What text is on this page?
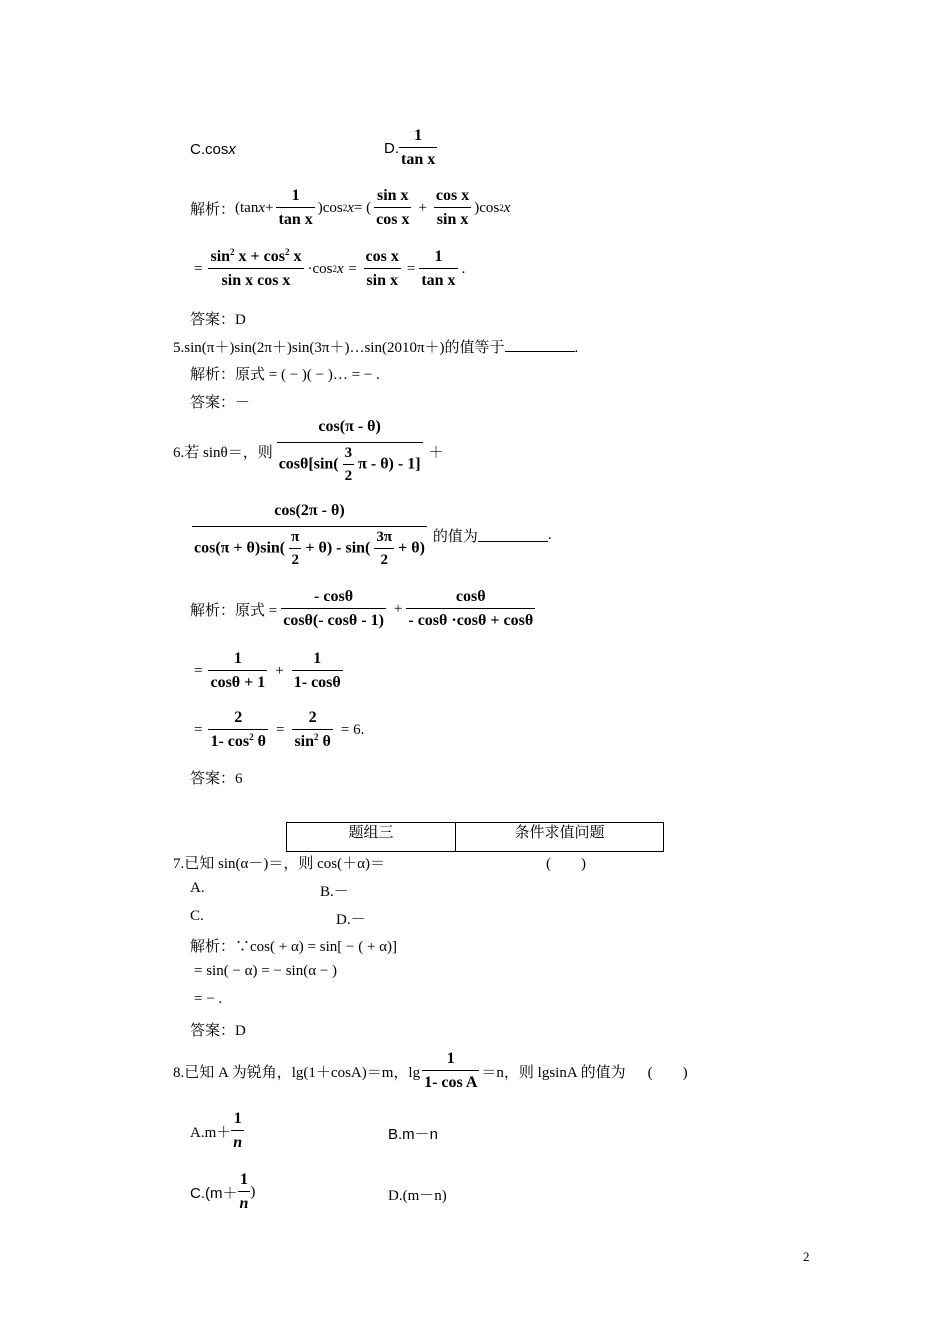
C.cosx	D. $\frac{1}{\text{tan x}}$
解析： (tan $x + \frac{1}{\text{tan x}} )\cos$ 2 x = ( $\frac{\text{sin x}}{\text{cos x}} + \frac{\text{cos x}}{\text{sin x}} )\cos$ 2 x
= $\frac{\sin^2 x + \cos^2 x}{\text{sin x cos x}} \cdot\cos$ 2 $x = \frac{\text{cos x}}{\text{sin x}} = \frac{1}{\text{tan x}}$ .
答案：D
5.sin(π＋)sin(2π＋)sin(3π＋)…sin(2010π＋)的值等于	.
解析：原式 = ( − )( − )… = − .
答案：－
6.若 sinθ＝，则
cos(π - θ)
$\cos\theta[\sin( \frac{3}{2}$ π - θ) - 1]
＋
cos(2π - θ)
$\cos(\pi + \theta)\sin( \frac{\pi}{2} + \theta) - \sin( \frac{3\pi}{2} + \theta)$
的值为	.
解析：原式 = $\frac{- \cos\theta}{\cos\theta(- \cos\theta - 1)} + \frac{\cos\theta}{- \cos\theta \cdot\cos\theta + \cos\theta}$
= $\frac{1}{\cos\theta + 1} + \frac{1}{1- \cos\theta}$
= $\frac{2}{1- \cos^2 \theta} = \frac{2}{\sin^2 \theta} = 6$.
答案：6
题组三	条件求值问题
7.已知 sin(α－)＝，则 cos(＋α)＝	(　　)
A.	B.－
C.	D.－
解析：∵cos( + α) = sin[ − ( + α)]
= sin( − α) = − sin(α − )
= − .
答案：D
8.已知 A 为锐角，lg(1＋cosA)＝m，$\lg \frac{1}{\text{1- cos A}} =n$，则 lgsinA 的值为 (　　)
$A.m+ \frac{1}{n}$	B.m－n
$C.(m+ \frac{1}{n}$ )	D.(m－n)
2
